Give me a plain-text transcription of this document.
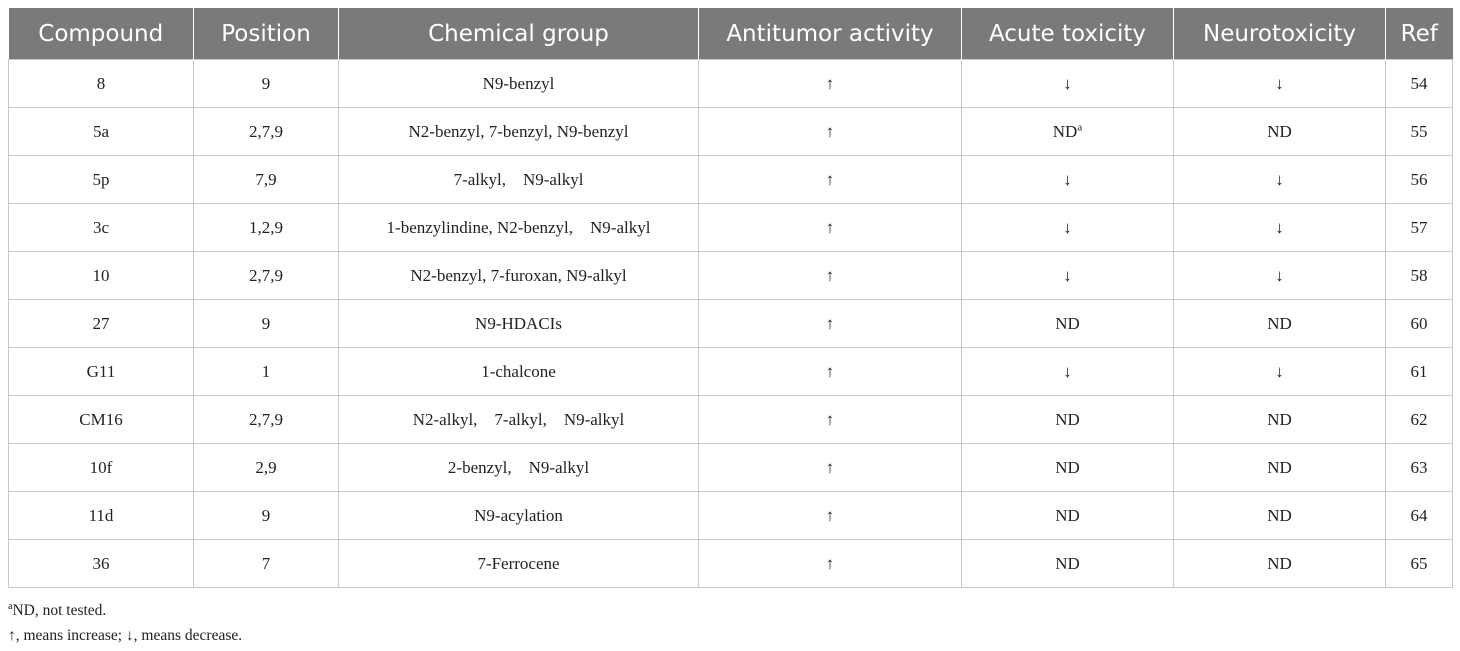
Compound	Position	Chemical group	Antitumor activity	Acute toxicity	Neurotoxicity	Ref
8	9	N9-benzyl	↑	↓	↓	54
5a	2,7,9	N2-benzyl, 7-benzyl, N9-benzyl	↑	$ND^a$	ND	55
5p	7,9	7-alkyl,    N9-alkyl	↑	↓	↓	56
3c	1,2,9	1-benzylindine, N2-benzyl,    N9-alkyl	↑	↓	↓	57
10	2,7,9	N2-benzyl, 7-furoxan, N9-alkyl	↑	↓	↓	58
27	9	N9-HDACIs	↑	ND	ND	60
G11	1	1-chalcone	↑	↓	↓	61
CM16	2,7,9	N2-alkyl,    7-alkyl,    N9-alkyl	↑	ND	ND	62
10f	2,9	2-benzyl,    N9-alkyl	↑	ND	ND	63
11d	9	N9-acylation	↑	ND	ND	64
36	7	7-Ferrocene	↑	ND	ND	65
$^a$ND, not tested.
↑, means increase; ↓, means decrease.
